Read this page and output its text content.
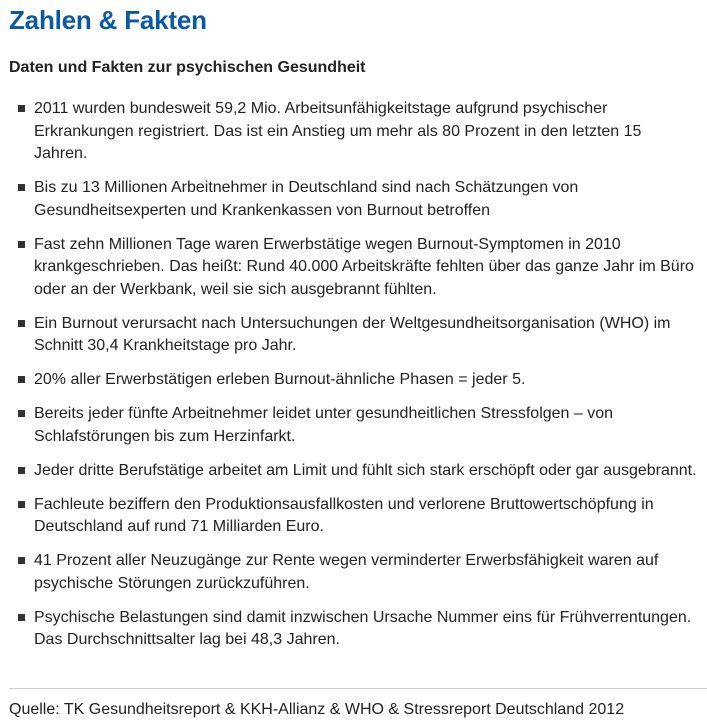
Zahlen & Fakten
Daten und Fakten zur psychischen Gesundheit
2011 wurden bundesweit 59,2 Mio. Arbeitsunfähigkeitstage aufgrund psychischer Erkrankungen registriert. Das ist ein Anstieg um mehr als 80 Prozent in den letzten 15 Jahren.
Bis zu 13 Millionen Arbeitnehmer in Deutschland sind nach Schätzungen von Gesundheitsexperten und Krankenkassen von Burnout betroffen
Fast zehn Millionen Tage waren Erwerbstätige wegen Burnout-Symptomen in 2010 krankgeschrieben. Das heißt: Rund 40.000 Arbeitskräfte fehlten über das ganze Jahr im Büro oder an der Werkbank, weil sie sich ausgebrannt fühlten.
Ein Burnout verursacht nach Untersuchungen der Weltgesundheitsorganisation (WHO) im Schnitt 30,4 Krankheitstage pro Jahr.
20% aller Erwerbstätigen erleben Burnout-ähnliche Phasen = jeder 5.
Bereits jeder fünfte Arbeitnehmer leidet unter gesundheitlichen Stressfolgen – von Schlafstörungen bis zum Herzinfarkt.
Jeder dritte Berufstätige arbeitet am Limit und fühlt sich stark erschöpft oder gar ausgebrannt.
Fachleute beziffern den Produktionsausfallkosten und verlorene Bruttowertschöpfung in Deutschland auf rund 71 Milliarden Euro.
41 Prozent aller Neuzugänge zur Rente wegen verminderter Erwerbsfähigkeit waren auf psychische Störungen zurückzuführen.
Psychische Belastungen sind damit inzwischen Ursache Nummer eins für Frühverrentungen. Das Durchschnittsalter lag bei 48,3 Jahren.
Quelle: TK Gesundheitsreport & KKH-Allianz & WHO & Stressreport Deutschland 2012
